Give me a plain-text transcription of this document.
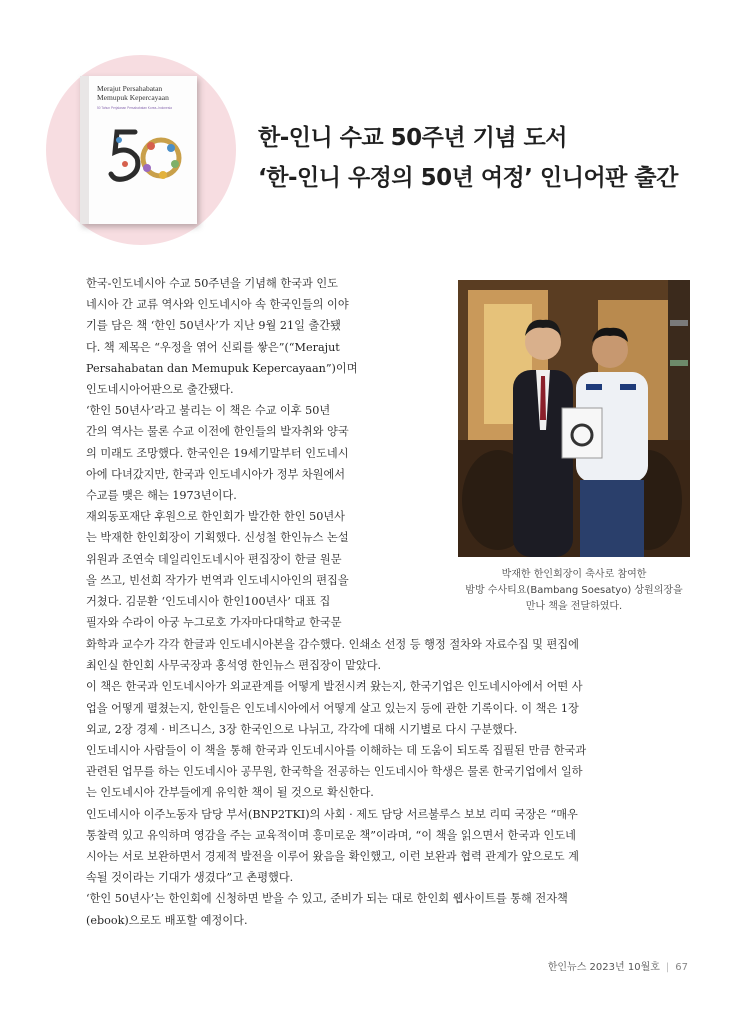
Merajut Persahabatan
Memupuk Kepercayaan
50 Tahun Perjalanan Persahabatan Korea–Indonesia
한-인니 수교 50주년 기념 도서
‘한-인니 우정의 50년 여정’ 인니어판 출간
박재한 한인회장이 축사로 참여한
밤방 수사티요(Bambang Soesatyo) 상원의장을
만나 책을 전달하였다.
한국-인도네시아 수교 50주년을 기념해 한국과 인도
네시아 간 교류 역사와 인도네시아 속 한국인들의 이야
기를 담은 책 ‘한인 50년사’가 지난 9월 21일 출간됐
다. 책 제목은 “우정을 엮어 신뢰를 쌓은”(“Merajut
Persahabatan dan Memupuk Kepercayaan”)이며
인도네시아어판으로 출간됐다.
‘한인 50년사’라고 불리는 이 책은 수교 이후 50년
간의 역사는 물론 수교 이전에 한인들의 발자취와 양국
의 미래도 조망했다. 한국인은 19세기말부터 인도네시
아에 다녀갔지만, 한국과 인도네시아가 정부 차원에서
수교를 맺은 해는 1973년이다.
재외동포재단 후원으로 한인회가 발간한 한인 50년사
는 박재한 한인회장이 기획했다. 신성철 한인뉴스 논설
위원과 조연숙 데일리인도네시아 편집장이 한글 원문
을 쓰고, 빈선희 작가가 번역과 인도네시아인의 편집을
거쳤다. 김문환 ‘인도네시아 한인100년사’ 대표 집
필자와 수라이 아궁 누그로호 가자마다대학교 한국문
화학과 교수가 각각 한글과 인도네시아본을 감수했다. 인쇄소 선정 등 행정 절차와 자료수집 및 편집에
최인실 한인회 사무국장과 홍석영 한인뉴스 편집장이 맡았다.
이 책은 한국과 인도네시아가 외교관계를 어떻게 발전시켜 왔는지, 한국기업은 인도네시아에서 어떤 사
업을 어떻게 펼쳤는지, 한인들은 인도네시아에서 어떻게 살고 있는지 등에 관한 기록이다. 이 책은 1장
외교, 2장 경제 · 비즈니스, 3장 한국인으로 나뉘고, 각각에 대해 시기별로 다시 구분했다.
인도네시아 사람들이 이 책을 통해 한국과 인도네시아를 이해하는 데 도움이 되도록 집필된 만큼 한국과
관련된 업무를 하는 인도네시아 공무원, 한국학을 전공하는 인도네시아 학생은 물론 한국기업에서 일하
는 인도네시아 간부들에게 유익한 책이 될 것으로 확신한다.
인도네시아 이주노동자 담당 부서(BNP2TKI)의 사회 · 제도 담당 서르불루스 보보 리띠 국장은 “매우
통찰력 있고 유익하며 영감을 주는 교육적이며 흥미로운 책”이라며, “이 책을 읽으면서 한국과 인도네
시아는 서로 보완하면서 경제적 발전을 이루어 왔음을 확인했고, 이런 보완과 협력 관계가 앞으로도 계
속될 것이라는 기대가 생겼다”고 촌평했다.
‘한인 50년사’는 한인회에 신청하면 받을 수 있고, 준비가 되는 대로 한인회 웹사이트를 통해 전자책
(ebook)으로도 배포할 예정이다.
한인뉴스 2023년 10월호 | 67
